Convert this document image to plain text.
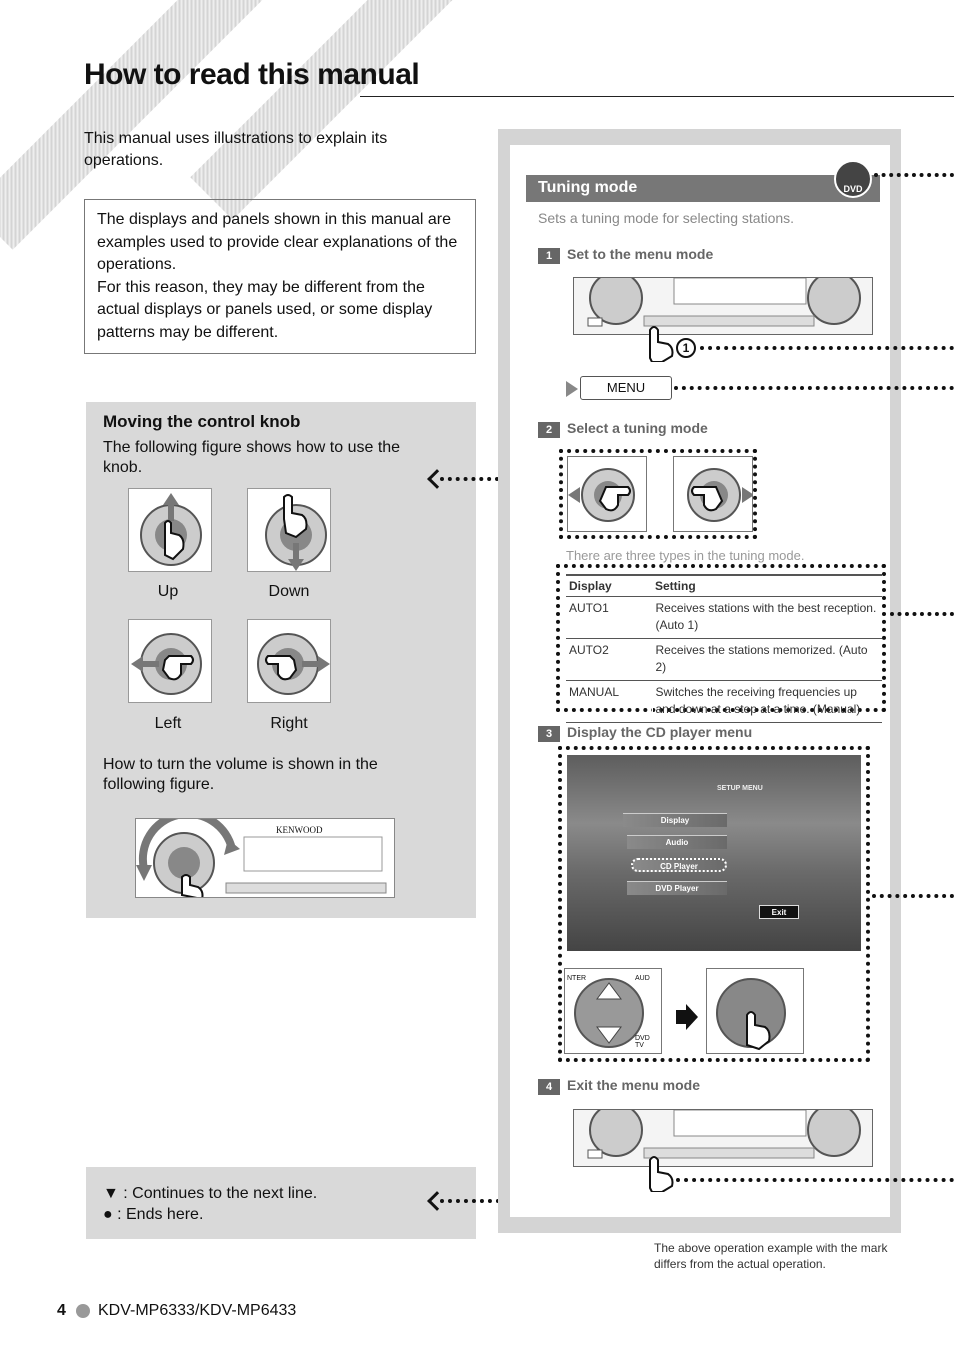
How to read this manual
This manual uses illustrations to explain its operations.
The displays and panels shown in this manual are examples used to provide clear explanations of the operations.
For this reason, they may be different from the actual displays or panels used, or some display patterns may be different.
Moving the control knob
The following figure shows how to use the knob.
Up	Down
Left	Right
How to turn the volume is shown in the following figure.
KENWOOD
▼ : Continues to the next line.
● : Ends here.
Tuning mode	DVD
Sets a tuning mode for selecting stations.
1	Set to the menu mode
1
MENU
2	Select a tuning mode
There are three types in the tuning mode.
Display	Setting
AUTO1	Receives stations with the best reception. (Auto 1)
AUTO2	Receives the stations memorized. (Auto 2)
MANUAL	Switches the receiving frequencies up and down at a step at a time. (Manual)
3	Display the CD player menu
SETUP MENU
Display
Audio
CD Player
DVD Player
Exit
NTER	AUD
DVD TV
4	Exit the menu mode
The above operation example with the mark differs from the actual operation.
4 KDV-MP6333/KDV-MP6433
